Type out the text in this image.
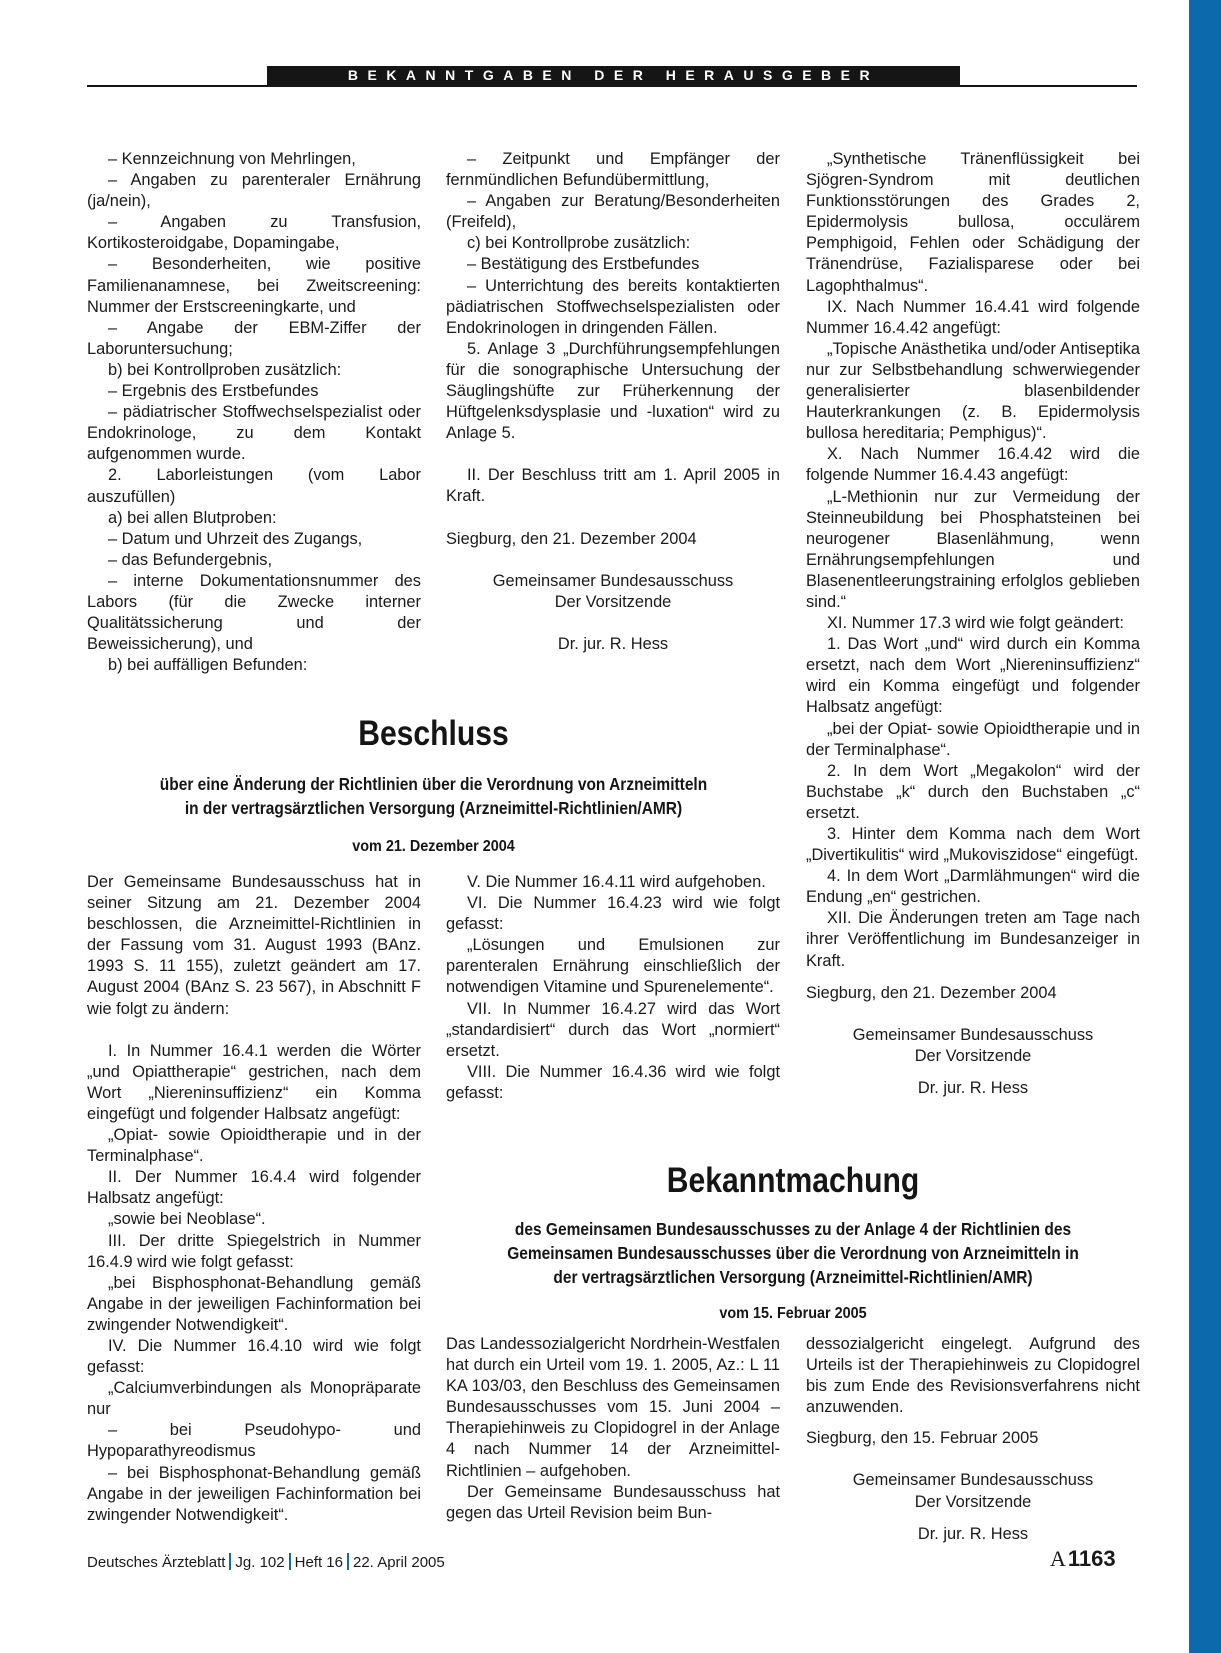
BEKANNTGABEN DER HERAUSGEBER

– Kennzeichnung von Mehrlingen,

– Angaben zu parenteraler Ernährung (ja/nein),

– Angaben zu Transfusion, Kortikosteroidgabe, Dopamingabe,

– Besonderheiten, wie positive Familienanamnese, bei Zweitscreening: Nummer der Erstscreeningkarte, und

– Angabe der EBM-Ziffer der Laboruntersuchung;

b) bei Kontrollproben zusätzlich:

– Ergebnis des Erstbefundes

– pädiatrischer Stoffwechselspezialist oder Endokrinologe, zu dem Kontakt aufgenommen wurde.

2. Laborleistungen (vom Labor auszufüllen)

a) bei allen Blutproben:

– Datum und Uhrzeit des Zugangs,

– das Befundergebnis,

– interne Dokumentationsnummer des Labors (für die Zwecke interner Qualitätssicherung und der Beweissicherung), und

b) bei auffälligen Befunden:

– Zeitpunkt und Empfänger der fernmündlichen Befundübermittlung,

– Angaben zur Beratung/Besonderheiten (Freifeld),

c) bei Kontrollprobe zusätzlich:

– Bestätigung des Erstbefundes

– Unterrichtung des bereits kontaktierten pädiatrischen Stoffwechselspezialisten oder Endokrinologen in dringenden Fällen.

5. Anlage 3 „Durchführungsempfehlungen für die sonographische Untersuchung der Säuglingshüfte zur Früherkennung der Hüftgelenksdysplasie und -luxation“ wird zu Anlage 5.

II. Der Beschluss tritt am 1. April 2005 in Kraft.

Siegburg, den 21. Dezember 2004

Gemeinsamer Bundesausschuss

Der Vorsitzende

Dr. jur. R. Hess

Beschluss
über eine Änderung der Richtlinien über die Verordnung von Arzneimitteln
in der vertragsärztlichen Versorgung (Arzneimittel-Richtlinien/AMR)
vom 21. Dezember 2004

Der Gemeinsame Bundesausschuss hat in seiner Sitzung am 21. Dezember 2004 beschlossen, die Arzneimittel-Richtlinien in der Fassung vom 31. August 1993 (BAnz. 1993 S. 11 155), zuletzt geändert am 17. August 2004 (BAnz S. 23 567), in Abschnitt F wie folgt zu ändern:

I. In Nummer 16.4.1 werden die Wörter „und Opiattherapie“ gestrichen, nach dem Wort „Niereninsuffizienz“ ein Komma eingefügt und folgender Halbsatz angefügt:

„Opiat- sowie Opioidtherapie und in der Terminalphase“.

II. Der Nummer 16.4.4 wird folgender Halbsatz angefügt:

„sowie bei Neoblase“.

III. Der dritte Spiegelstrich in Nummer 16.4.9 wird wie folgt gefasst:

„bei Bisphosphonat-Behandlung gemäß Angabe in der jeweiligen Fachinformation bei zwingender Notwendigkeit“.

IV. Die Nummer 16.4.10 wird wie folgt gefasst:

„Calciumverbindungen als Monopräparate nur

– bei Pseudohypo- und Hypoparathyreodismus

– bei Bisphosphonat-Behandlung gemäß Angabe in der jeweiligen Fachinformation bei zwingender Notwendigkeit“.

V. Die Nummer 16.4.11 wird aufgehoben.

VI. Die Nummer 16.4.23 wird wie folgt gefasst:

„Lösungen und Emulsionen zur parenteralen Ernährung einschließlich der notwendigen Vitamine und Spurenelemente“.

VII. In Nummer 16.4.27 wird das Wort „standardisiert“ durch das Wort „normiert“ ersetzt.

VIII. Die Nummer 16.4.36 wird wie folgt gefasst:

„Synthetische Tränenflüssigkeit bei Sjögren-Syndrom mit deutlichen Funktionsstörungen des Grades 2, Epidermolysis bullosa, occulärem Pemphigoid, Fehlen oder Schädigung der Tränendrüse, Fazialisparese oder bei Lagophthalmus“.

IX. Nach Nummer 16.4.41 wird folgende Nummer 16.4.42 angefügt:

„Topische Anästhetika und/oder Antiseptika nur zur Selbstbehandlung schwerwiegender generalisierter blasenbildender Hauterkrankungen (z. B. Epidermolysis bullosa hereditaria; Pemphigus)“.

X. Nach Nummer 16.4.42 wird die folgende Nummer 16.4.43 angefügt:

„L-Methionin nur zur Vermeidung der Steinneubildung bei Phosphatsteinen bei neurogener Blasenlähmung, wenn Ernährungsempfehlungen und Blasenentleerungstraining erfolglos geblieben sind.“

XI. Nummer 17.3 wird wie folgt geändert:

1. Das Wort „und“ wird durch ein Komma ersetzt, nach dem Wort „Niereninsuffizienz“ wird ein Komma eingefügt und folgender Halbsatz angefügt:

„bei der Opiat- sowie Opioidtherapie und in der Terminalphase“.

2. In dem Wort „Megakolon“ wird der Buchstabe „k“ durch den Buchstaben „c“ ersetzt.

3. Hinter dem Komma nach dem Wort „Divertikulitis“ wird „Mukoviszidose“ eingefügt.

4. In dem Wort „Darmlähmungen“ wird die Endung „en“ gestrichen.

XII. Die Änderungen treten am Tage nach ihrer Veröffentlichung im Bundesanzeiger in Kraft.

Siegburg, den 21. Dezember 2004

Gemeinsamer Bundesausschuss

Der Vorsitzende

Dr. jur. R. Hess

Bekanntmachung
des Gemeinsamen Bundesausschusses zu der Anlage 4 der Richtlinien des
Gemeinsamen Bundesausschusses über die Verordnung von Arzneimitteln in
der vertragsärztlichen Versorgung (Arzneimittel-Richtlinien/AMR)
vom 15. Februar 2005

Das Landessozialgericht Nordrhein-Westfalen hat durch ein Urteil vom 19. 1. 2005, Az.: L 11 KA 103/03, den Beschluss des Gemeinsamen Bundesausschusses vom 15. Juni 2004 – Therapiehinweis zu Clopidogrel in der Anlage 4 nach Nummer 14 der Arzneimittel-Richtlinien – aufgehoben.

Der Gemeinsame Bundesausschuss hat gegen das Urteil Revision beim Bun-

dessozialgericht eingelegt. Aufgrund des Urteils ist der Therapiehinweis zu Clopidogrel bis zum Ende des Revisionsverfahrens nicht anzuwenden.

Siegburg, den 15. Februar 2005

Gemeinsamer Bundesausschuss

Der Vorsitzende

Dr. jur. R. Hess

Deutsches Ärzteblatt Jg. 102 Heft 16 22. April 2005	A1163
